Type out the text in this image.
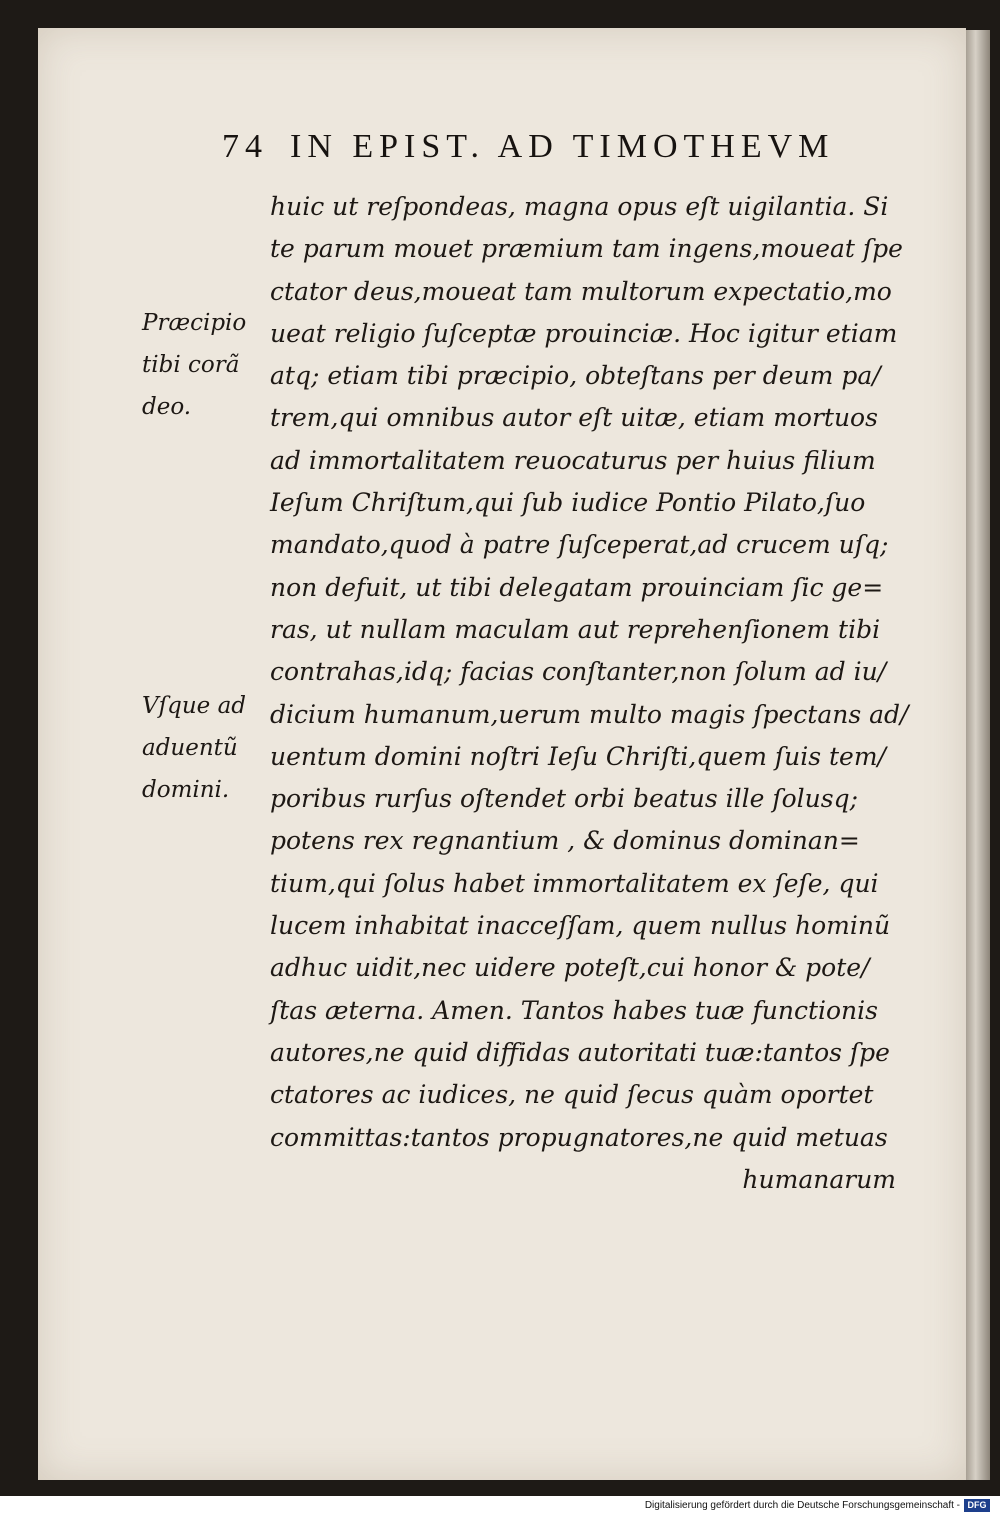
74 IN EPIST. AD TIMOTHEVM
huic ut reſpondeas, magna opus eſt uigilantia. Si
te parum mouet præmium tam ingens,moueat ſpe
ctator deus,moueat tam multorum expectatio,mo
ueat religio ſuſceptæ prouinciæ. Hoc igitur etiam
atq; etiam tibi præcipio, obteſtans per deum pa/
trem,qui omnibus autor eſt uitæ, etiam mortuos
ad immortalitatem reuocaturus per huius filium
Ieſum Chriſtum,qui ſub iudice Pontio Pilato,ſuo
mandato,quod à patre ſuſceperat,ad crucem uſq;
non defuit, ut tibi delegatam prouinciam ſic ge=
ras, ut nullam maculam aut reprehenſionem tibi
contrahas,idq; facias conſtanter,non ſolum ad iu/
dicium humanum,uerum multo magis ſpectans ad/
uentum domini noſtri Ieſu Chriſti,quem ſuis tem/
poribus rurſus oſtendet orbi beatus ille ſolusq;
potens rex regnantium , & dominus dominan=
tium,qui ſolus habet immortalitatem ex ſeſe, qui
lucem inhabitat inacceſſam, quem nullus hominũ
adhuc uidit,nec uidere poteſt,cui honor & pote/
ſtas æterna. Amen. Tantos habes tuæ functionis
autores,ne quid diffidas autoritati tuæ:tantos ſpe
ctatores ac iudices, ne quid ſecus quàm oportet
committas:tantos propugnatores,ne quid metuas
humanarum
Præcipio
tibi corã
deo.
Vſque ad
aduentũ
domini.
Digitalisierung gefördert durch die Deutsche Forschungsgemeinschaft - DFG
